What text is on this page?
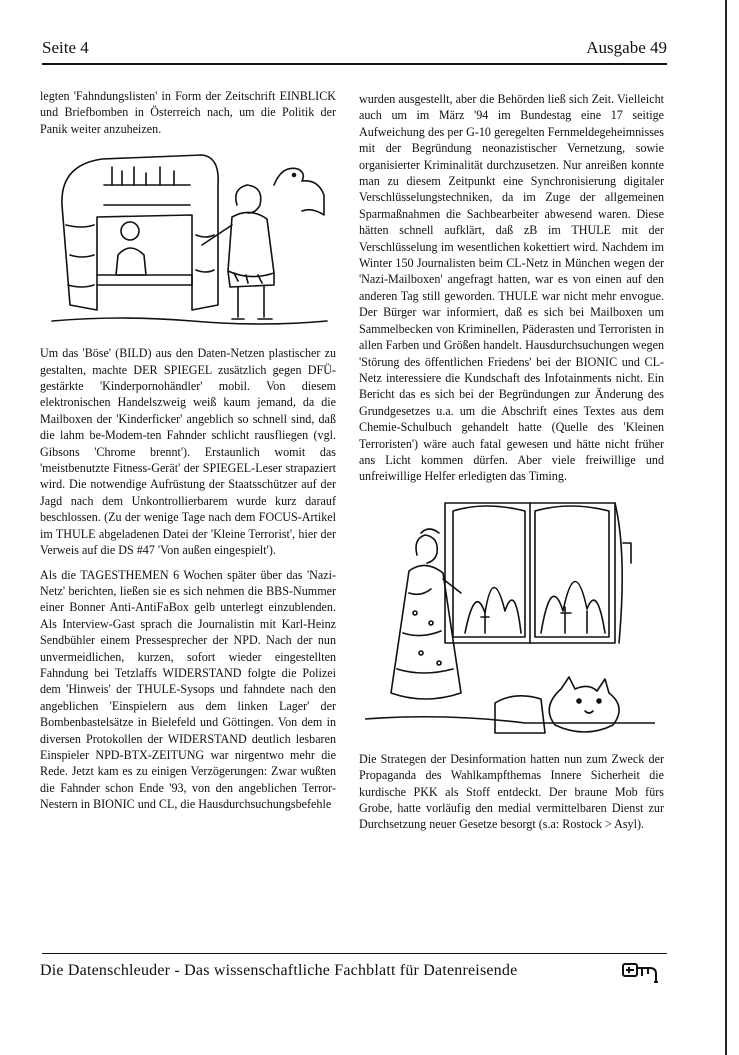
Seite 4	Ausgabe 49

legten 'Fahndungslisten' in Form der Zeitschrift EINBLICK und Briefbomben in Österreich nach, um die Politik der Panik weiter anzuheizen.

Um das 'Böse' (BILD) aus den Daten-Netzen plastischer zu gestalten, machte DER SPIEGEL zusätzlich gegen DFÜ-gestärkte 'Kinderpornohändler' mobil. Von diesem elektronischen Handelszweig weiß kaum jemand, da die Mailboxen der 'Kinderficker' angeblich so schnell sind, daß die lahm be-Modem-ten Fahnder schlicht rausfliegen (vgl. Gibsons 'Chrome brennt'). Erstaunlich womit das 'meistbenutzte Fitness-Gerät' der SPIEGEL-Leser strapaziert wird. Die notwendige Aufrüstung der Staatsschützer auf der Jagd nach dem Unkontrollierbarem wurde kurz darauf beschlossen. (Zu der wenige Tage nach dem FOCUS-Artikel im THULE abgeladenen Datei der 'Kleine Terrorist', hier der Verweis auf die DS #47 'Von außen eingespielt').

Als die TAGESTHEMEN 6 Wochen später über das 'Nazi-Netz' berichten, ließen sie es sich nehmen die BBS-Nummer einer Bonner Anti-AntiFaBox gelb unterlegt einzublenden. Als Interview-Gast sprach die Journalistin mit Karl-Heinz Sendbühler einem Pressesprecher der NPD. Nach der nun unvermeidlichen, kurzen, sofort wieder eingestellten Fahndung bei Tetzlaffs WIDERSTAND folgte die Polizei dem 'Hinweis' der THULE-Sysops und fahndete nach den angeblichen 'Einspielern aus dem linken Lager' der Bombenbastelsätze in Bielefeld und Göttingen. Von dem in diversen Protokollen der WIDERSTAND deutlich lesbaren Einspieler NPD-BTX-ZEITUNG war nirgentwo mehr die Rede. Jetzt kam es zu einigen Verzögerungen: Zwar wußten die Fahnder schon Ende '93, von den angeblichen Terror-Nestern in BIONIC und CL, die Hausdurchsuchungsbefehle

wurden ausgestellt, aber die Behörden ließ sich Zeit. Vielleicht auch um im März '94 im Bundestag eine 17 seitige Aufweichung des per G-10 geregelten Fernmeldegeheimnisses mit der Begründung neonazistischer Vernetzung, sowie organisierter Kriminalität durchzusetzen. Nur anreißen konnte man zu diesem Zeitpunkt eine Synchronisierung digitaler Verschlüsselungstechniken, da im Zuge der allgemeinen Sparmaßnahmen die Sachbearbeiter abwesend waren. Diese hätten schnell aufklärt, daß zB im THULE mit der Verschlüsselung im wesentlichen kokettiert wird. Nachdem im Winter 150 Journalisten beim CL-Netz in München wegen der 'Nazi-Mailboxen' angefragt hatten, war es von einen auf den anderen Tag still geworden. THULE war nicht mehr envogue. Der Bürger war informiert, daß es sich bei Mailboxen um Sammelbecken von Kriminellen, Päderasten und Terroristen in allen Farben und Größen handelt. Hausdurchsuchungen wegen 'Störung des öffentlichen Friedens' bei der BIONIC und CL-Netz interessiere die Kundschaft des Infotainments nicht. Ein Bericht das es sich bei der Begründungen zur Änderung des Grundgesetzes u.a. um die Abschrift eines Textes aus dem Chemie-Schulbuch gehandelt hatte (Quelle des 'Kleinen Terroristen') wäre auch fatal gewesen und hätte nicht früher ans Licht kommen dürfen. Aber viele freiwillige und unfreiwillige Helfer erledigten das Timing.

Die Strategen der Desinformation hatten nun zum Zweck der Propaganda des Wahlkampfthemas Innere Sicherheit die kurdische PKK als Stoff entdeckt. Der braune Mob fürs Grobe, hatte vorläufig den medial vermittelbaren Dienst zur Durchsetzung neuer Gesetze besorgt (s.a: Rostock > Asyl).

Die Datenschleuder - Das wissenschaftliche Fachblatt für Datenreisende
